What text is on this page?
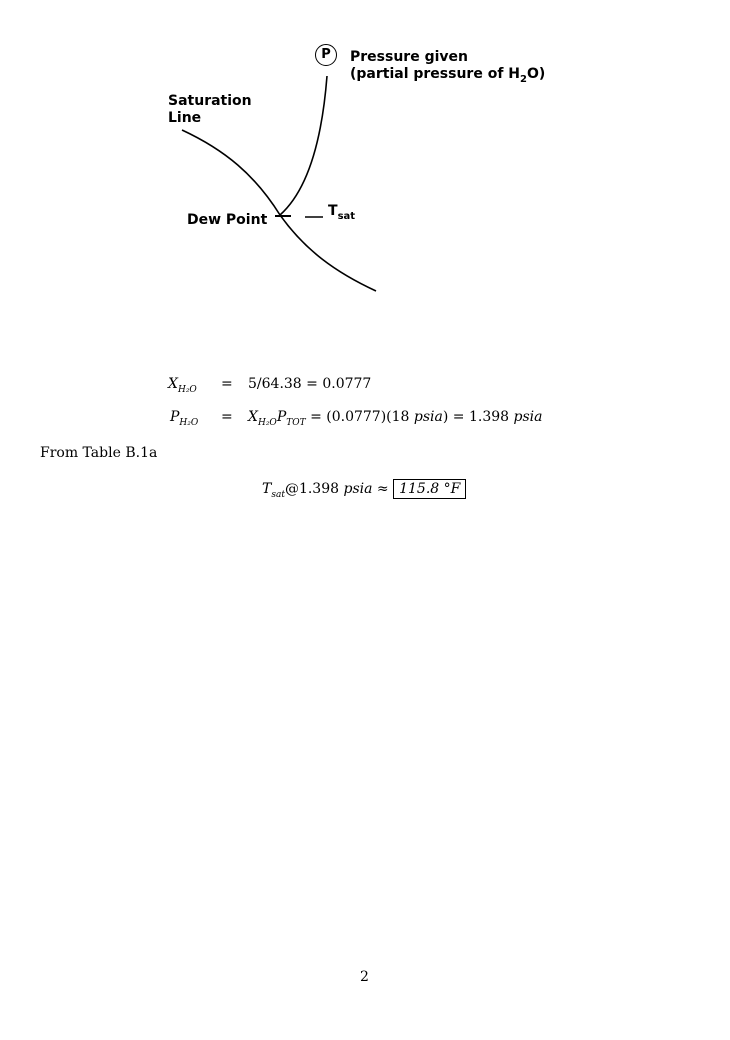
P	Pressure given
(partial pressure of $H_2O$)
Saturation
Line
Dew Point
$T_{sat}$
$X_{H_2O} = 5/64.38 = 0.0777$
$P_{H_2O} = X_{H_2O}P_{TOT} = (0.0777)(18$ psia) = 1.398 psia
From Table B.1a
$T_{sat}@1.398$ psia ≈ 115.8 °F
2
